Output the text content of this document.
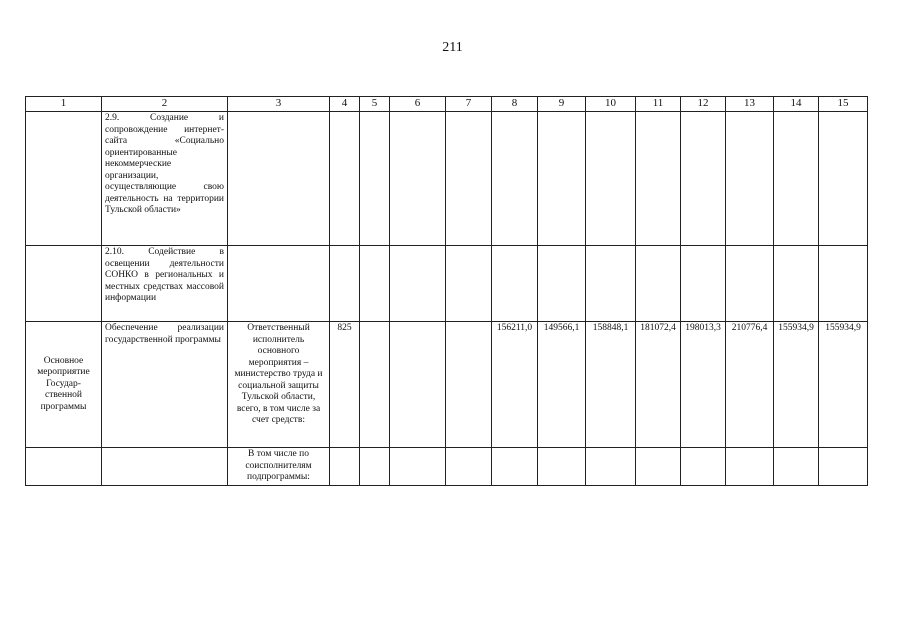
211
1	2	3	4	5	6	7	8	9	10	11	12	13	14	15
	2.9. Создание и сопровождение интернет-сайта «Социально ориентированные некоммерческие организации, осуществляющие свою деятельность на территории Тульской области»													
	2.10. Содействие в освещении деятельности СОНКО в региональных и местных средствах массовой информации													
Основное мероприятие Государ-ственной программы	Обеспечение реализации государственной программы	Ответственный исполнитель основного мероприятия – министерство труда и социальной защиты Тульской области, всего, в том числе за счет средств:	825				156211,0	149566,1	158848,1	181072,4	198013,3	210776,4	155934,9	155934,9
		В том числе по соисполнителям подпрограммы:												
